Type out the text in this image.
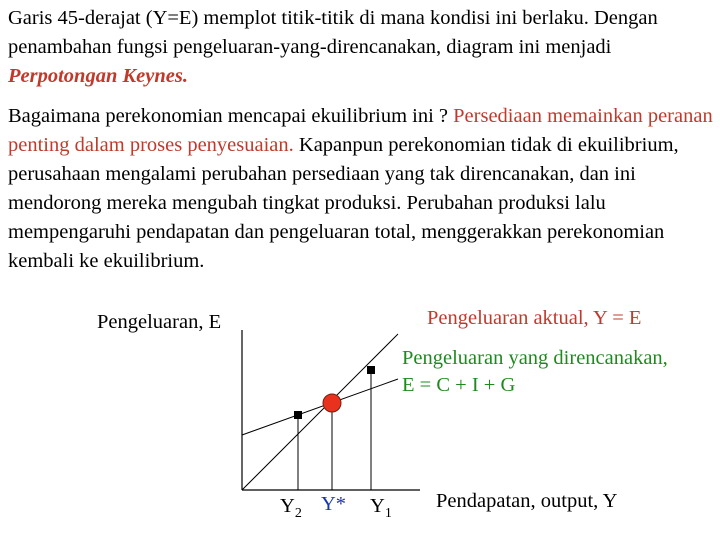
Garis 45-derajat (Y=E) memplot titik-titik di mana kondisi ini berlaku. Dengan penambahan fungsi pengeluaran-yang-direncanakan, diagram ini menjadi Perpotongan Keynes.

Bagaimana perekonomian mencapai ekuilibrium ini ? Persediaan memainkan peranan penting dalam proses penyesuaian. Kapanpun perekonomian tidak di ekuilibrium, perusahaan mengalami perubahan persediaan yang tak direncanakan, dan ini mendorong mereka mengubah tingkat produksi. Perubahan produksi lalu mempengaruhi pendapatan dan pengeluaran total, menggerakkan perekonomian kembali ke ekuilibrium.

Pengeluaran, E	Pengeluaran aktual, Y = E
Pengeluaran yang direncanakan,
E = C + I + G
$Y_2$ Y* $Y_1$
Pendapatan, output, Y
